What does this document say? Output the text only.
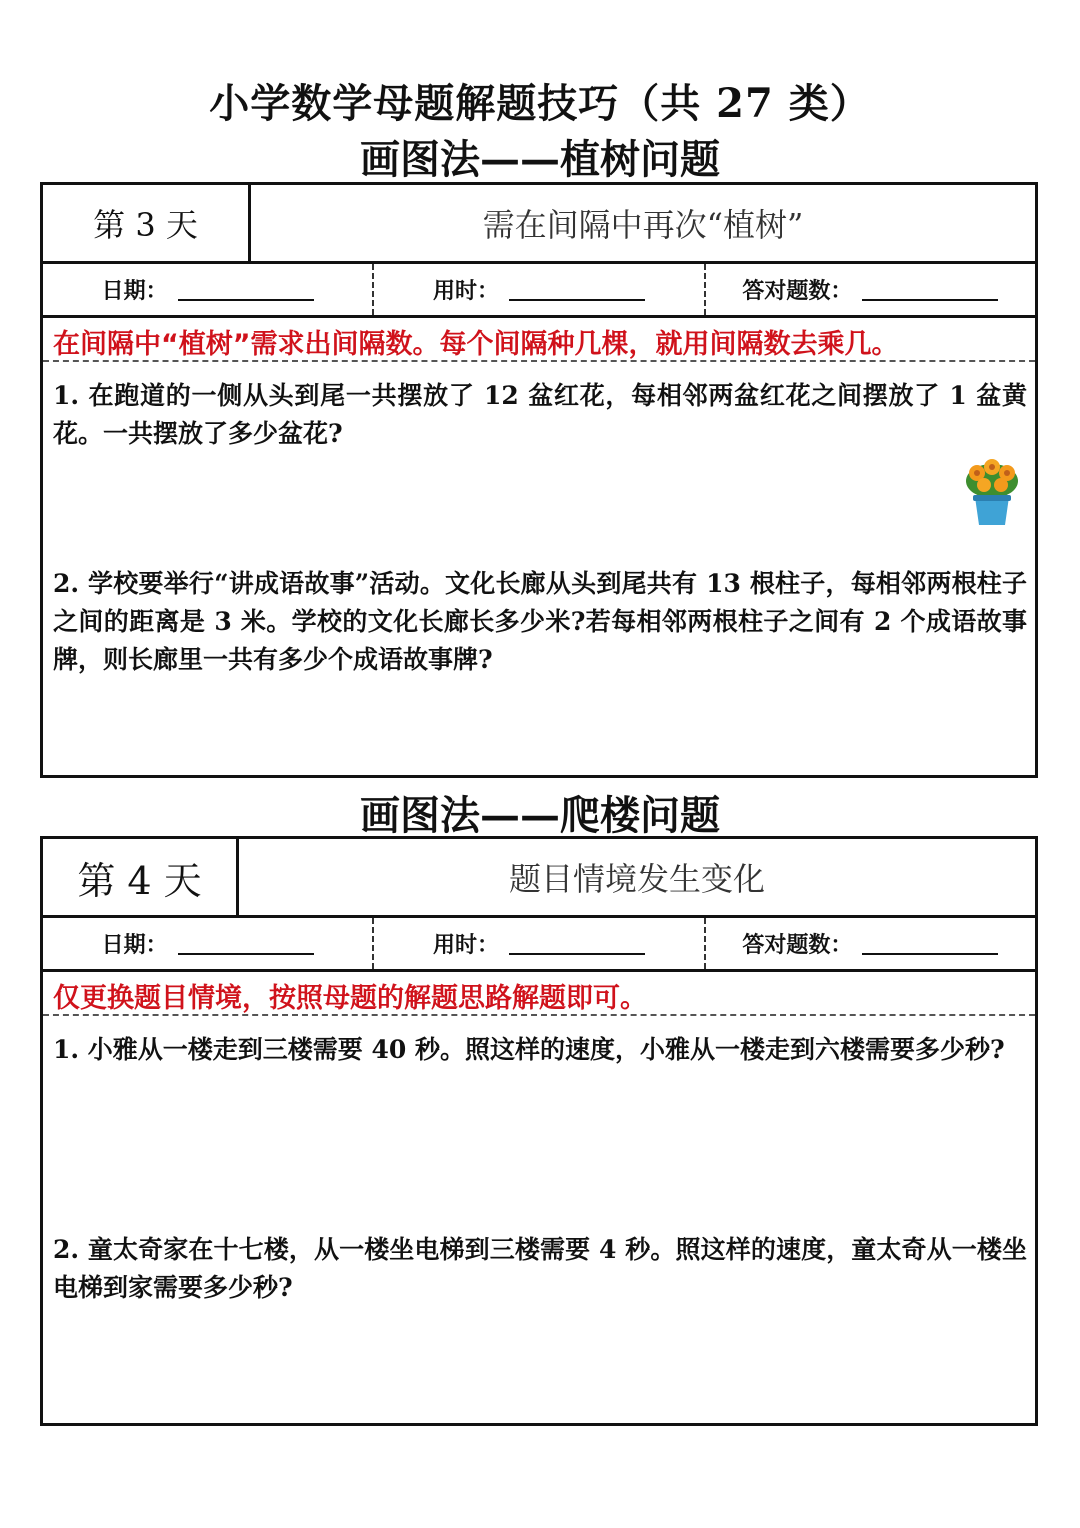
小学数学母题解题技巧（共 27 类）
画图法——植树问题
第 3 天	需在间隔中再次“植树”
日期：	用时：	答对题数：
在间隔中“植树”需求出间隔数。每个间隔种几棵，就用间隔数去乘几。
1. 在跑道的一侧从头到尾一共摆放了 12 盆红花，每相邻两盆红花之间摆放了 1 盆黄花。一共摆放了多少盆花?
2. 学校要举行“讲成语故事”活动。文化长廊从头到尾共有 13 根柱子，每相邻两根柱子之间的距离是 3 米。学校的文化长廊长多少米?若每相邻两根柱子之间有 2 个成语故事牌，则长廊里一共有多少个成语故事牌?
画图法——爬楼问题
第 4 天	题目情境发生变化
日期：	用时：	答对题数：
仅更换题目情境，按照母题的解题思路解题即可。
1. 小雅从一楼走到三楼需要 40 秒。照这样的速度，小雅从一楼走到六楼需要多少秒?
2. 童太奇家在十七楼，从一楼坐电梯到三楼需要 4 秒。照这样的速度，童太奇从一楼坐电梯到家需要多少秒?
